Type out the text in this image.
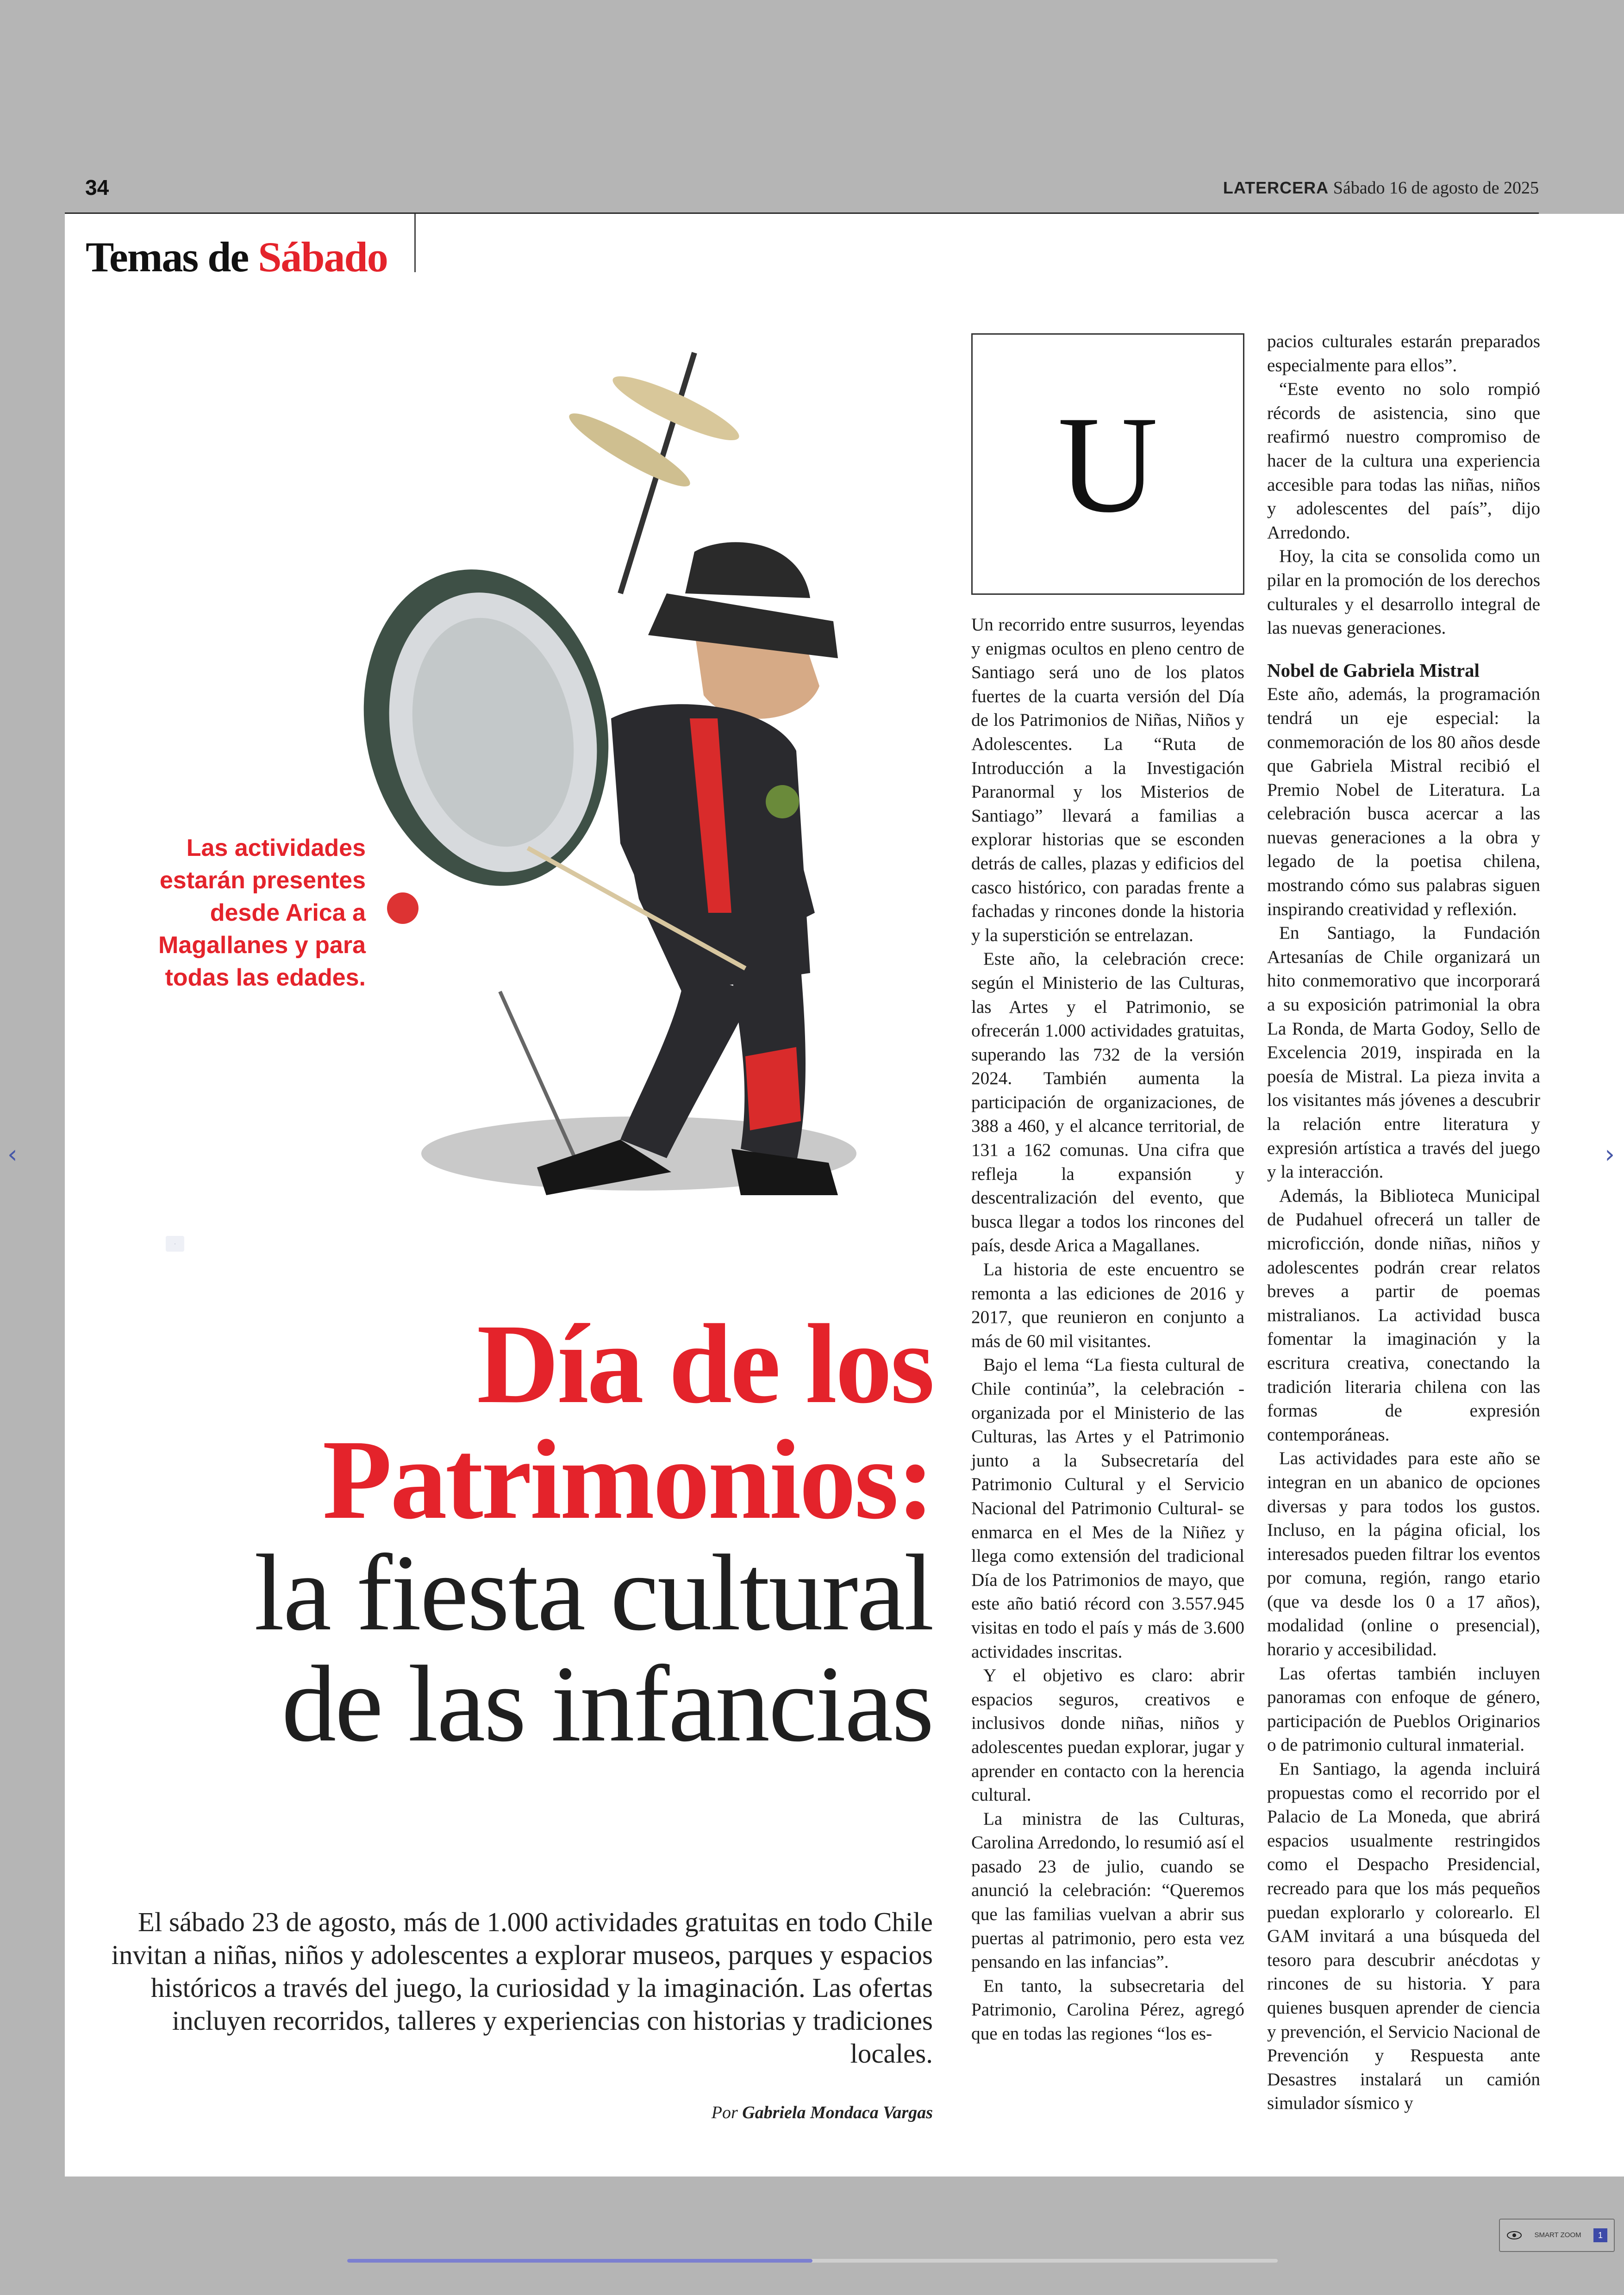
34	LATERCERA Sábado 16 de agosto de 2025
Temas de Sábado
Las actividades estarán presentes desde Arica a Magallanes y para todas las edades.
·
Día de los
Patrimonios:
la fiesta cultural
de las infancias
El sábado 23 de agosto, más de 1.000 actividades gratuitas en todo Chile invitan a niñas, niños y adolescentes a explorar museos, parques y espacios históricos a través del juego, la curiosidad y la imaginación. Las ofertas incluyen recorridos, talleres y experiencias con historias y tradiciones locales.
Por Gabriela Mondaca Vargas
U

Un recorrido entre susurros, leyendas y enigmas ocultos en pleno centro de Santiago será uno de los platos fuertes de la cuarta versión del Día de los Patrimonios de Niñas, Niños y Adolescentes. La “Ruta de Introducción a la Investigación Paranormal y los Misterios de Santiago” llevará a familias a explorar historias que se esconden detrás de calles, plazas y edificios del casco histórico, con paradas frente a fachadas y rincones donde la historia y la superstición se entrelazan.

Este año, la celebración crece: según el Ministerio de las Culturas, las Artes y el Patrimonio, se ofrecerán 1.000 actividades gratuitas, superando las 732 de la versión 2024. También aumenta la participación de organizaciones, de 388 a 460, y el alcance territorial, de 131 a 162 comunas. Una cifra que refleja la expansión y descentralización del evento, que busca llegar a todos los rincones del país, desde Arica a Magallanes.

La historia de este encuentro se remonta a las ediciones de 2016 y 2017, que reunieron en conjunto a más de 60 mil visitantes.

Bajo el lema “La fiesta cultural de Chile continúa”, la celebración -organizada por el Ministerio de las Culturas, las Artes y el Patrimonio junto a la Subsecretaría del Patrimonio Cultural y el Servicio Nacional del Patrimonio Cultural- se enmarca en el Mes de la Niñez y llega como extensión del tradicional Día de los Patrimonios de mayo, que este año batió récord con 3.557.945 visitas en todo el país y más de 3.600 actividades inscritas.

Y el objetivo es claro: abrir espacios seguros, creativos e inclusivos donde niñas, niños y adolescentes puedan explorar, jugar y aprender en contacto con la herencia cultural.

La ministra de las Culturas, Carolina Arredondo, lo resumió así el pasado 23 de julio, cuando se anunció la celebración: “Queremos que las familias vuelvan a abrir sus puertas al patrimonio, pero esta vez pensando en las infancias”.

En tanto, la subsecretaria del Patrimonio, Carolina Pérez, agregó que en todas las regiones “los es-

pacios culturales estarán preparados especialmente para ellos”.

“Este evento no solo rompió récords de asistencia, sino que reafirmó nuestro compromiso de hacer de la cultura una experiencia accesible para todas las niñas, niños y adolescentes del país”, dijo Arredondo.

Hoy, la cita se consolida como un pilar en la promoción de los derechos culturales y el desarrollo integral de las nuevas generaciones.

Nobel de Gabriela Mistral

Este año, además, la programación tendrá un eje especial: la conmemoración de los 80 años desde que Gabriela Mistral recibió el Premio Nobel de Literatura. La celebración busca acercar a las nuevas generaciones a la obra y legado de la poetisa chilena, mostrando cómo sus palabras siguen inspirando creatividad y reflexión.

En Santiago, la Fundación Artesanías de Chile organizará un hito conmemorativo que incorporará a su exposición patrimonial la obra La Ronda, de Marta Godoy, Sello de Excelencia 2019, inspirada en la poesía de Mistral. La pieza invita a los visitantes más jóvenes a descubrir la relación entre literatura y expresión artística a través del juego y la interacción.

Además, la Biblioteca Municipal de Pudahuel ofrecerá un taller de microficción, donde niñas, niños y adolescentes podrán crear relatos breves a partir de poemas mistralianos. La actividad busca fomentar la imaginación y la escritura creativa, conectando la tradición literaria chilena con las formas de expresión contemporáneas.

Las actividades para este año se integran en un abanico de opciones diversas y para todos los gustos. Incluso, en la página oficial, los interesados pueden filtrar los eventos por comuna, región, rango etario (que va desde los 0 a 17 años), modalidad (online o presencial), horario y accesibilidad.

Las ofertas también incluyen panoramas con enfoque de género, participación de Pueblos Originarios o de patrimonio cultural inmaterial.

En Santiago, la agenda incluirá propuestas como el recorrido por el Palacio de La Moneda, que abrirá espacios usualmente restringidos como el Despacho Presidencial, recreado para que los más pequeños puedan explorarlo y colorearlo. El GAM invitará a una búsqueda del tesoro para descubrir anécdotas y rincones de su historia. Y para quienes busquen aprender de ciencia y prevención, el Servicio Nacional de Prevención y Respuesta ante Desastres instalará un camión simulador sísmico y

‹	›
SMART ZOOM	1
